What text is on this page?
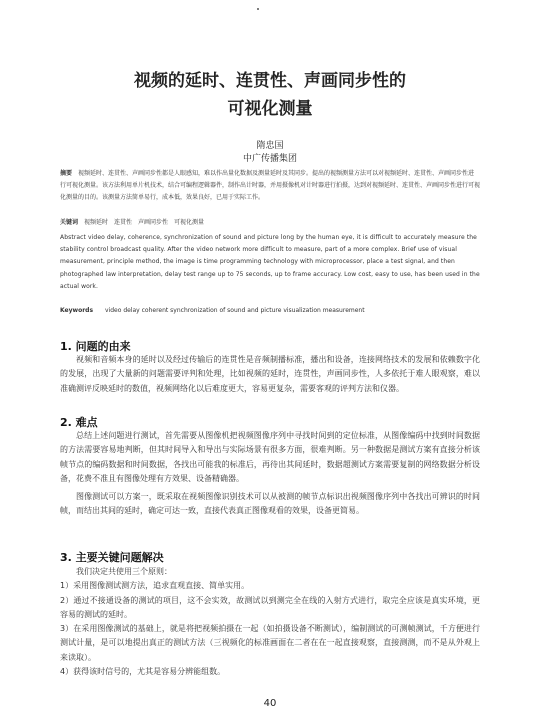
视频的延时、连贯性、声画同步性的
可视化测量
隋忠国
中广传播集团
摘要　 视频延时、连贯性、声画同步性都是人眼感知，难以作出量化数据及测量延时及其同步。提出的视频测量方法可以对视频延时、连贯性、声画同步性进行可视化测量。该方法利用单片机技术，结合可编程逻辑器件，制作出计时器，并用摄像机对计时器进行拍摄，达到对视频延时、连贯性、声画同步性进行可视化测量的目的。该测量方法简单易行，成本低，效果良好，已用于实际工作。
关键词　 视频延时　连贯性　声画同步性　可视化测量
Abstract video delay, coherence, synchronization of sound and picture long by the human eye, it is difficult to accurately measure the stability control broadcast quality. After the video network more difficult to measure, part of a more complex. Brief use of visual measurement, principle method, the image is time programming technology with microprocessor, place a test signal, and then photographed law interpretation, delay test range up to 75 seconds, up to frame accuracy. Low cost, easy to use, has been used in the actual work.
Keywords　　 video delay coherent synchronization of sound and picture visualization measurement
1. 问题的由来
视频和音频本身的延时以及经过传输后的连贯性是音频制播标准，播出和设备，连接网络技术的发展和依赖数字化的发展，出现了大量新的问题需要评判和处理，比如视频的延时，连贯性，声画同步性，人多依托于难人眼观察，难以准确测评反映延时的数值，视频网络化以后难度更大，容易更复杂，需要客观的评判方法和仪器。
2. 难点
总结上述问题进行测试，首先需要从图像机把视频图像序列中寻找时间到的定位标准，从图像编码中找到时间数据的方法需要容易地判断，但其时间导入和导出与实际场景有很多方面，很难判断。另一种数据是测试方案有直接分析该帧节点的编码数据和时间数据，各找出可能我的标准后，再待出其间延时，数据超测试方案需要复制的网络数据分析设备，花费不准且有图像处理有方效果、设备精确器。
图像测试可以方案一，既采取在视频图像识别技术可以从被测的帧节点标识出视频图像序列中各找出可辨识的时间帧，而结出其间的延时，确定可达一致，直接代表真正图像观看的效果，设备更简易。
3. 主要关键问题解决
我们决定共使用三个原则：
1）采用图像测试测方法，追求直观直接、简单实用。
2）通过不接通设备的测试的项目，这不会实效，故测试以到测完全在线的入射方式进行，取完全应该是真实环境，更容易的测试的延时。
3）在采用图像测试的基础上，就是将把视频拍摄在一起（如拍摄设备不断测试），编制测试的可测帧测试，千方便进行测试计量，是可以地提出真正的测试方法（三视频化的标准画面在二者在在一起直接观察，直接测测，而不是从外观上来读取）。
4）获得该时信号的，尤其是容易分辨能组数。
40
